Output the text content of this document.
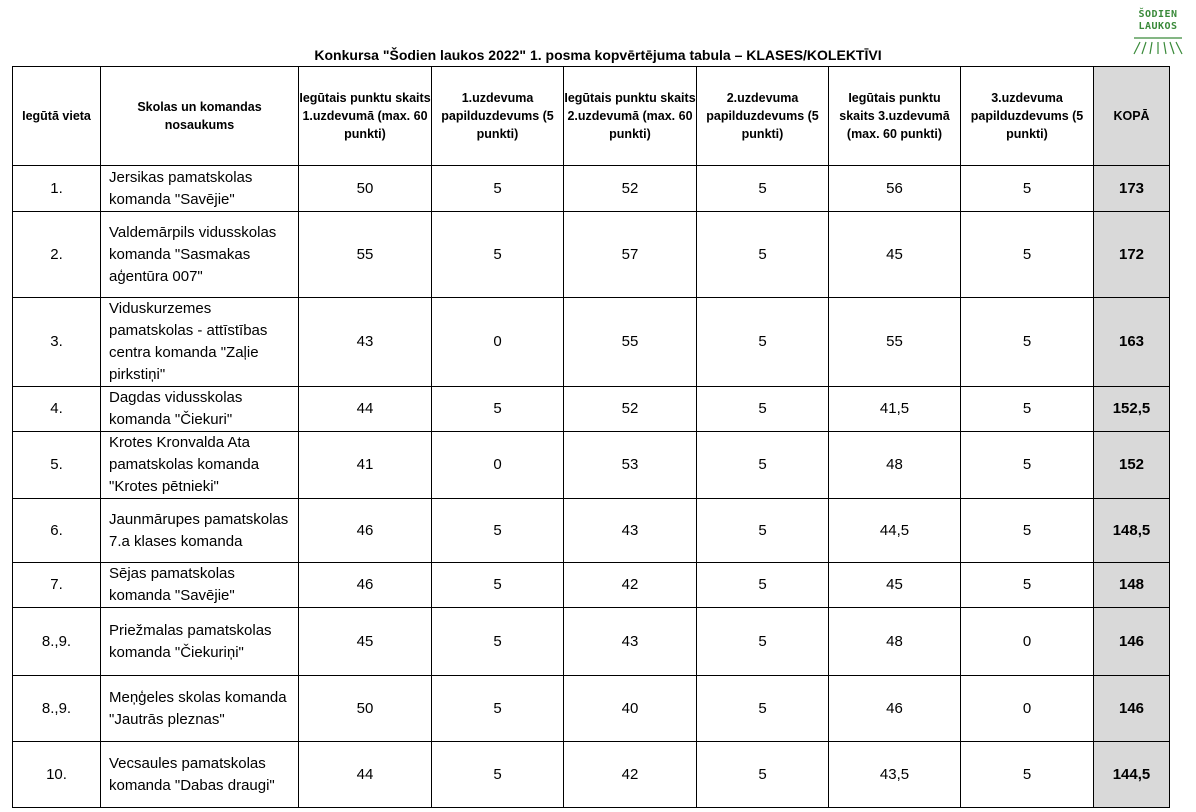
ŠODIEN
LAUKOS
Konkursa "Šodien laukos 2022" 1. posma kopvērtējuma tabula – KLASES/KOLEKTĪVI
Iegūtā vieta	Skolas un komandas nosaukums	Iegūtais punktu skaits 1.uzdevumā (max. 60 punkti)	1.uzdevuma papilduzdevums (5 punkti)	Iegūtais punktu skaits 2.uzdevumā (max. 60 punkti)	2.uzdevuma papilduzdevums (5 punkti)	Iegūtais punktu skaits 3.uzdevumā (max. 60 punkti)	3.uzdevuma papilduzdevums (5 punkti)	KOPĀ
1.	Jersikas pamatskolas komanda "Savējie"	50	5	52	5	56	5	173
2.	Valdemārpils vidusskolas komanda "Sasmakas aģentūra 007"	55	5	57	5	45	5	172
3.	Viduskurzemes pamatskolas - attīstības centra komanda "Zaļie pirkstiņi"	43	0	55	5	55	5	163
4.	Dagdas vidusskolas komanda "Čiekuri"	44	5	52	5	41,5	5	152,5
5.	Krotes Kronvalda Ata pamatskolas komanda "Krotes pētnieki"	41	0	53	5	48	5	152
6.	Jaunmārupes pamatskolas 7.a klases komanda	46	5	43	5	44,5	5	148,5
7.	Sējas pamatskolas komanda "Savējie"	46	5	42	5	45	5	148
8.,9.	Priežmalas pamatskolas komanda "Čiekuriņi"	45	5	43	5	48	0	146
8.,9.	Meņģeles skolas komanda "Jautrās pleznas"	50	5	40	5	46	0	146
10.	Vecsaules pamatskolas komanda "Dabas draugi"	44	5	42	5	43,5	5	144,5
